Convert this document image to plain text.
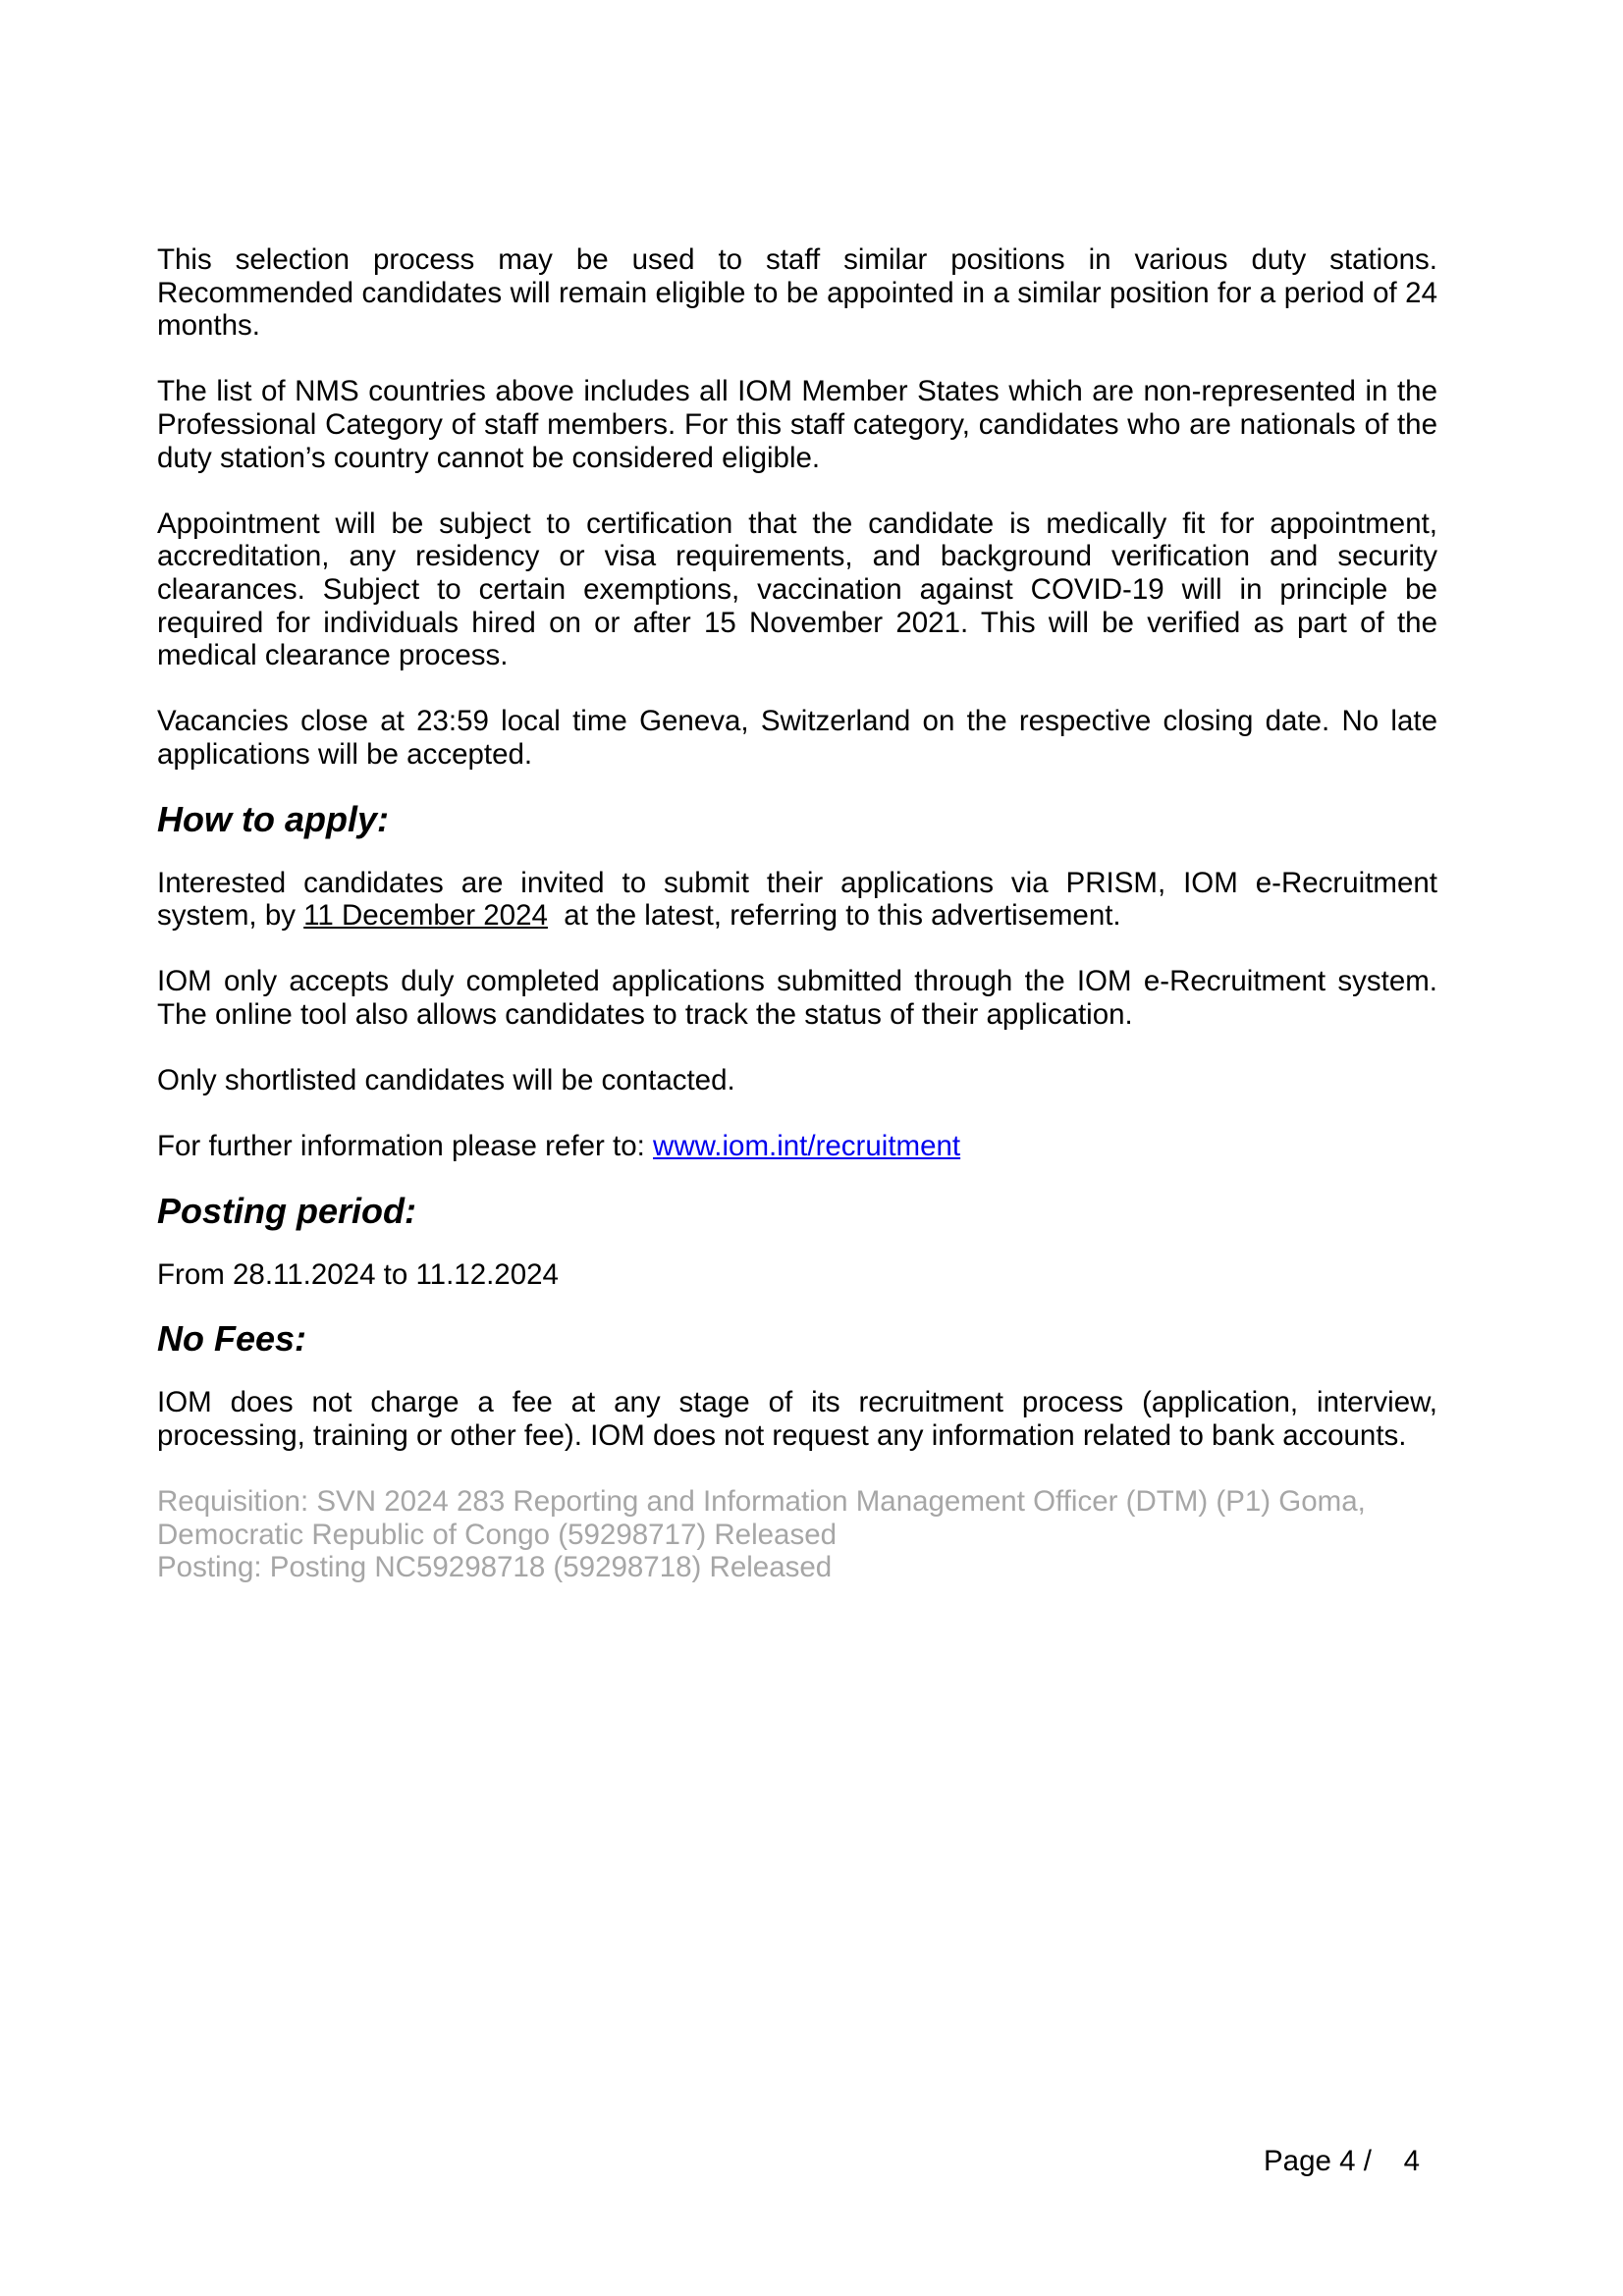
This selection process may be used to staff similar positions in various duty stations. Recommended candidates will remain eligible to be appointed in a similar position for a period of 24 months.

The list of NMS countries above includes all IOM Member States which are non-represented in the Professional Category of staff members. For this staff category, candidates who are nationals of the duty station’s country cannot be considered eligible.

Appointment will be subject to certification that the candidate is medically fit for appointment, accreditation, any residency or visa requirements, and background verification and security clearances. Subject to certain exemptions, vaccination against COVID-19 will in principle be required for individuals hired on or after 15 November 2021. This will be verified as part of the medical clearance process.

Vacancies close at 23:59 local time Geneva, Switzerland on the respective closing date. No late applications will be accepted.

How to apply:

Interested candidates are invited to submit their applications via PRISM, IOM e-Recruitment system, by 11 December 2024  at the latest, referring to this advertisement.

IOM only accepts duly completed applications submitted through the IOM e-Recruitment system. The online tool also allows candidates to track the status of their application.

Only shortlisted candidates will be contacted.

For further information please refer to: www.iom.int/recruitment

Posting period:

From 28.11.2024 to 11.12.2024

No Fees:

IOM does not charge a fee at any stage of its recruitment process (application, interview, processing, training or other fee). IOM does not request any information related to bank accounts.

Requisition: SVN 2024 283 Reporting and Information Management Officer (DTM) (P1) Goma,
Democratic Republic of Congo (59298717) Released
Posting: Posting NC59298718 (59298718) Released
Page 4 /    4
